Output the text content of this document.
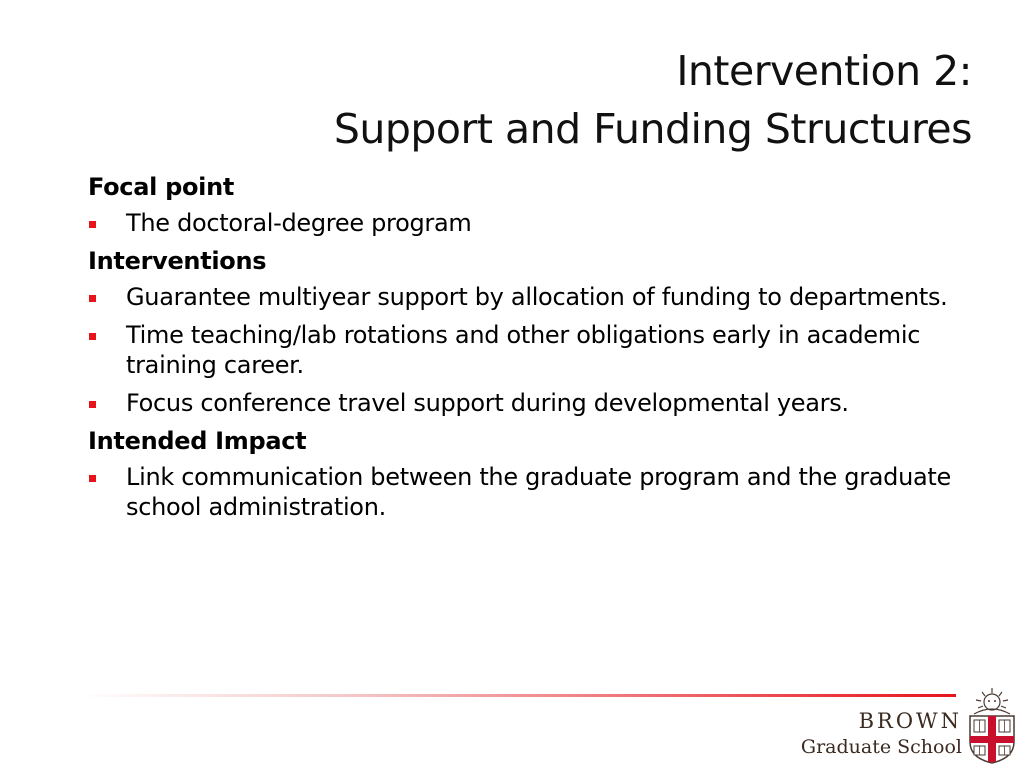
Intervention 2:
Support and Funding Structures
Focal point
The doctoral-degree program
Interventions
Guarantee multiyear support by allocation of funding to departments.
Time teaching/lab rotations and other obligations early in academic training career.
Focus conference travel support during developmental years.
Intended Impact
Link communication between the graduate program and the graduate school administration.
BROWN
Graduate School
